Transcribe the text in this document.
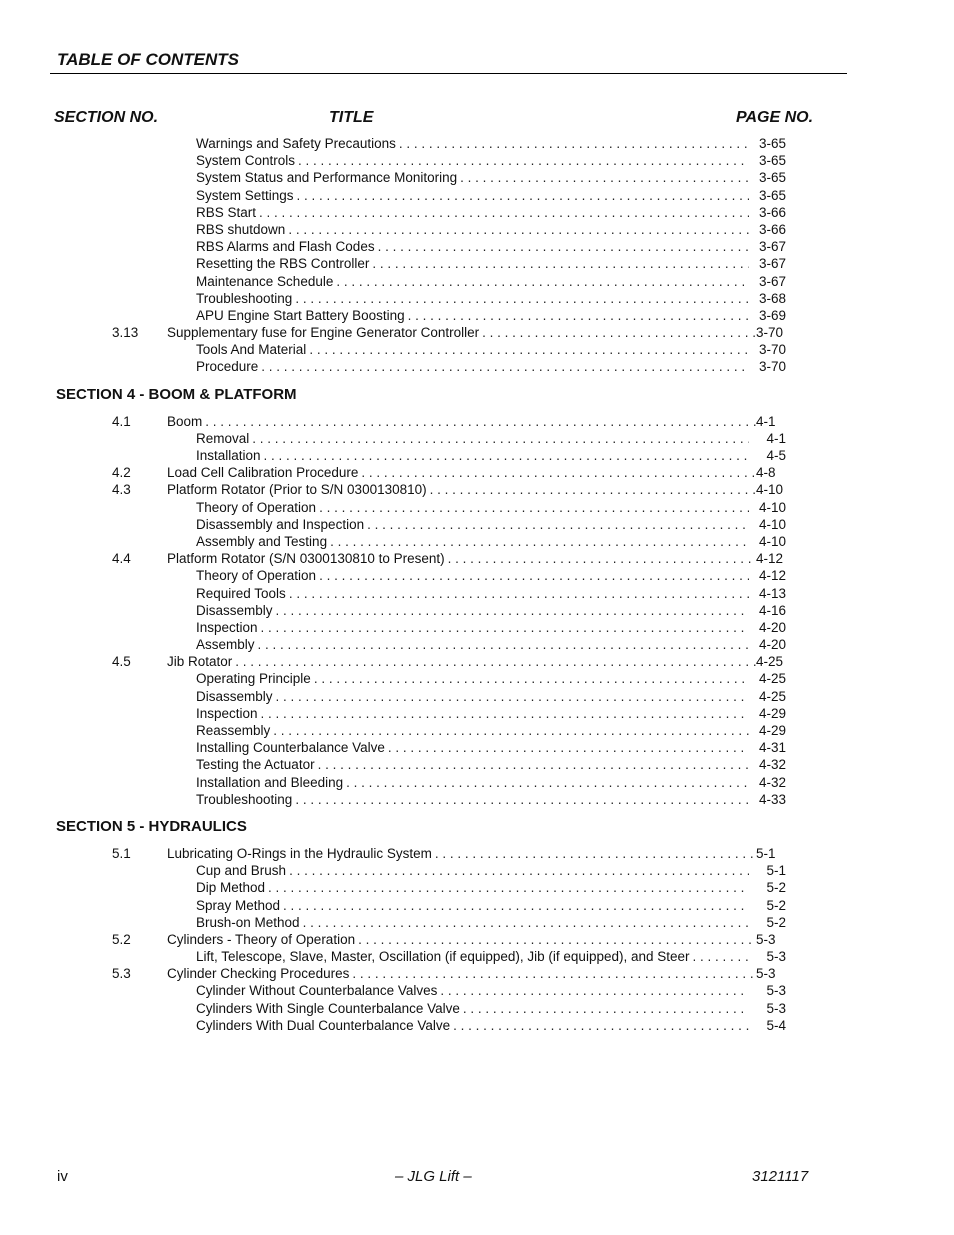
TABLE OF CONTENTS
SECTION NO.	TITLE	PAGE NO.
Warnings and Safety Precautions . . .	3-65
System Controls . . .	3-65
System Status and Performance Monitoring . . .	3-65
System Settings . . .	3-65
RBS Start . . .	3-66
RBS shutdown . . .	3-66
RBS Alarms and Flash Codes . . .	3-67
Resetting the RBS Controller . . .	3-67
Maintenance Schedule . . .	3-67
Troubleshooting . . .	3-68
APU Engine Start Battery Boosting . . .	3-69
3.13 Supplementary fuse for Engine Generator Controller . . .	3-70
Tools And Material . . .	3-70
Procedure . . .	3-70
SECTION 4 - BOOM & PLATFORM
4.1	Boom . . .	4-1
Removal . . .	4-1
Installation . . .	4-5
4.2	Load Cell Calibration Procedure . . .	4-8
4.3	Platform Rotator (Prior to S/N 0300130810) . . .	4-10
Theory of Operation . . .	4-10
Disassembly and Inspection . . .	4-10
Assembly and Testing . . .	4-10
4.4	Platform Rotator (S/N 0300130810 to Present) . . .	4-12
Theory of Operation . . .	4-12
Required Tools . . .	4-13
Disassembly . . .	4-16
Inspection . . .	4-20
Assembly . . .	4-20
4.5	Jib Rotator . . .	4-25
Operating Principle . . .	4-25
Disassembly . . .	4-25
Inspection . . .	4-29
Reassembly . . .	4-29
Installing Counterbalance Valve . . .	4-31
Testing the Actuator . . .	4-32
Installation and Bleeding . . .	4-32
Troubleshooting . . .	4-33
SECTION 5 - HYDRAULICS
5.1	Lubricating O-Rings in the Hydraulic System . . .	5-1
Cup and Brush . . .	5-1
Dip Method . . .	5-2
Spray Method . . .	5-2
Brush-on Method . . .	5-2
5.2	Cylinders - Theory of Operation . . .	5-3
Lift, Telescope, Slave, Master, Oscillation (if equipped), Jib (if equipped), and Steer . . .	5-3
5.3	Cylinder Checking Procedures . . .	5-3
Cylinder Without Counterbalance Valves . . .	5-3
Cylinders With Single Counterbalance Valve . . .	5-3
Cylinders With Dual Counterbalance Valve . . .	5-4
iv	– JLG Lift –	3121117
